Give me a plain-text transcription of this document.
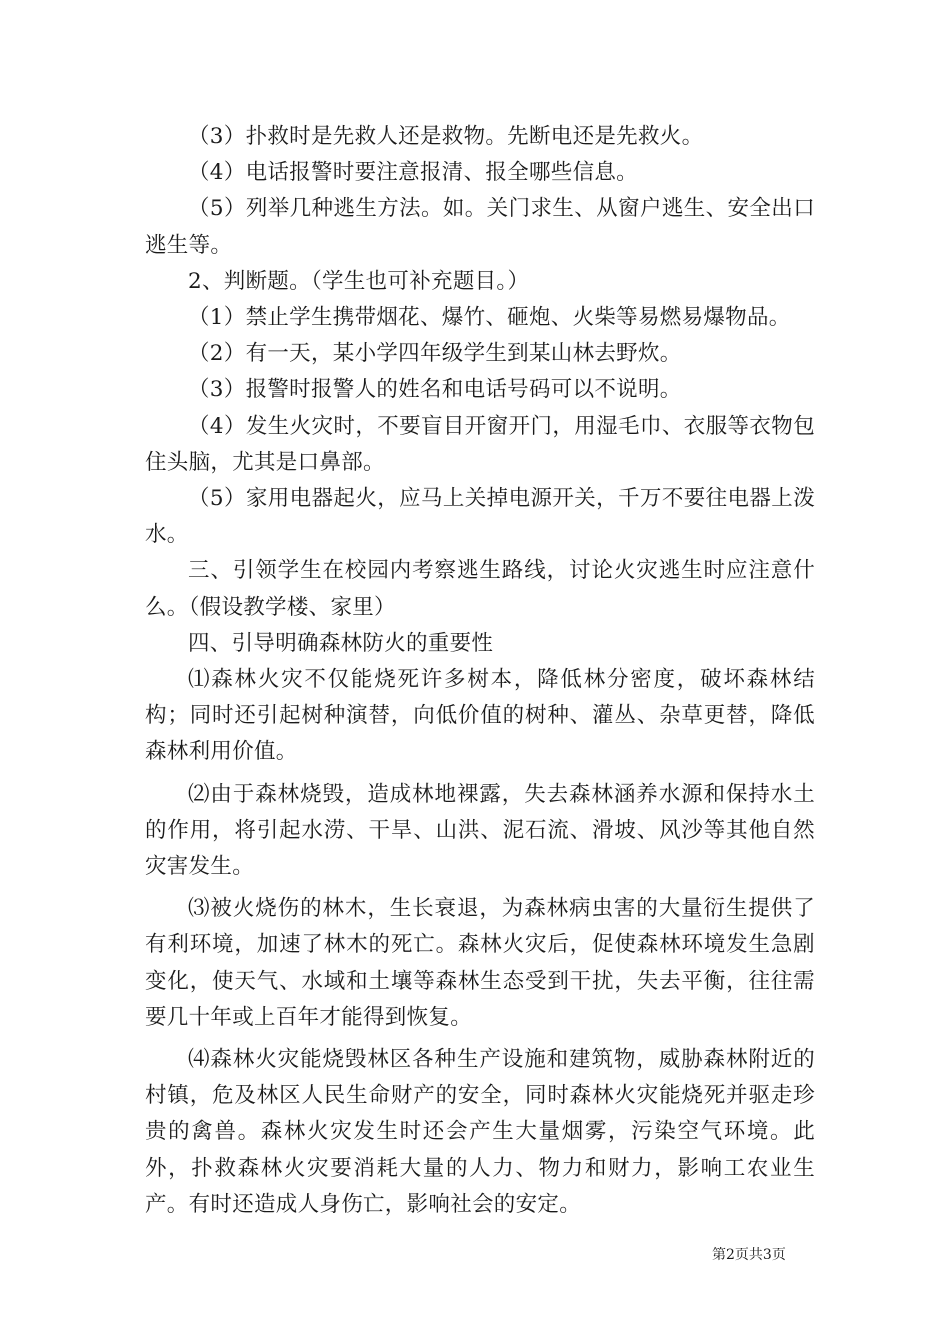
（3）扑救时是先救人还是救物。先断电还是先救火。

（4）电话报警时要注意报清、报全哪些信息。

（5）列举几种逃生方法。如。关门求生、从窗户逃生、安全出口逃生等。

2、判断题。（学生也可补充题目。）

（1）禁止学生携带烟花、爆竹、砸炮、火柴等易燃易爆物品。

（2）有一天，某小学四年级学生到某山林去野炊。

（3）报警时报警人的姓名和电话号码可以不说明。

（4）发生火灾时，不要盲目开窗开门，用湿毛巾、衣服等衣物包住头脑，尤其是口鼻部。

（5）家用电器起火，应马上关掉电源开关，千万不要往电器上泼水。

三、引领学生在校园内考察逃生路线，讨论火灾逃生时应注意什么。（假设教学楼、家里）

四、引导明确森林防火的重要性

⑴森林火灾不仅能烧死许多树本，降低林分密度，破坏森林结构；同时还引起树种演替，向低价值的树种、灌丛、杂草更替，降低森林利用价值。

⑵由于森林烧毁，造成林地裸露，失去森林涵养水源和保持水土的作用，将引起水涝、干旱、山洪、泥石流、滑坡、风沙等其他自然灾害发生。

⑶被火烧伤的林木，生长衰退，为森林病虫害的大量衍生提供了有利环境，加速了林木的死亡。森林火灾后，促使森林环境发生急剧变化，使天气、水域和土壤等森林生态受到干扰，失去平衡，往往需要几十年或上百年才能得到恢复。

⑷森林火灾能烧毁林区各种生产设施和建筑物，威胁森林附近的村镇，危及林区人民生命财产的安全，同时森林火灾能烧死并驱走珍贵的禽兽。森林火灾发生时还会产生大量烟雾，污染空气环境。此外，扑救森林火灾要消耗大量的人力、物力和财力，影响工农业生产。有时还造成人身伤亡，影响社会的安定。

第2页共3页
